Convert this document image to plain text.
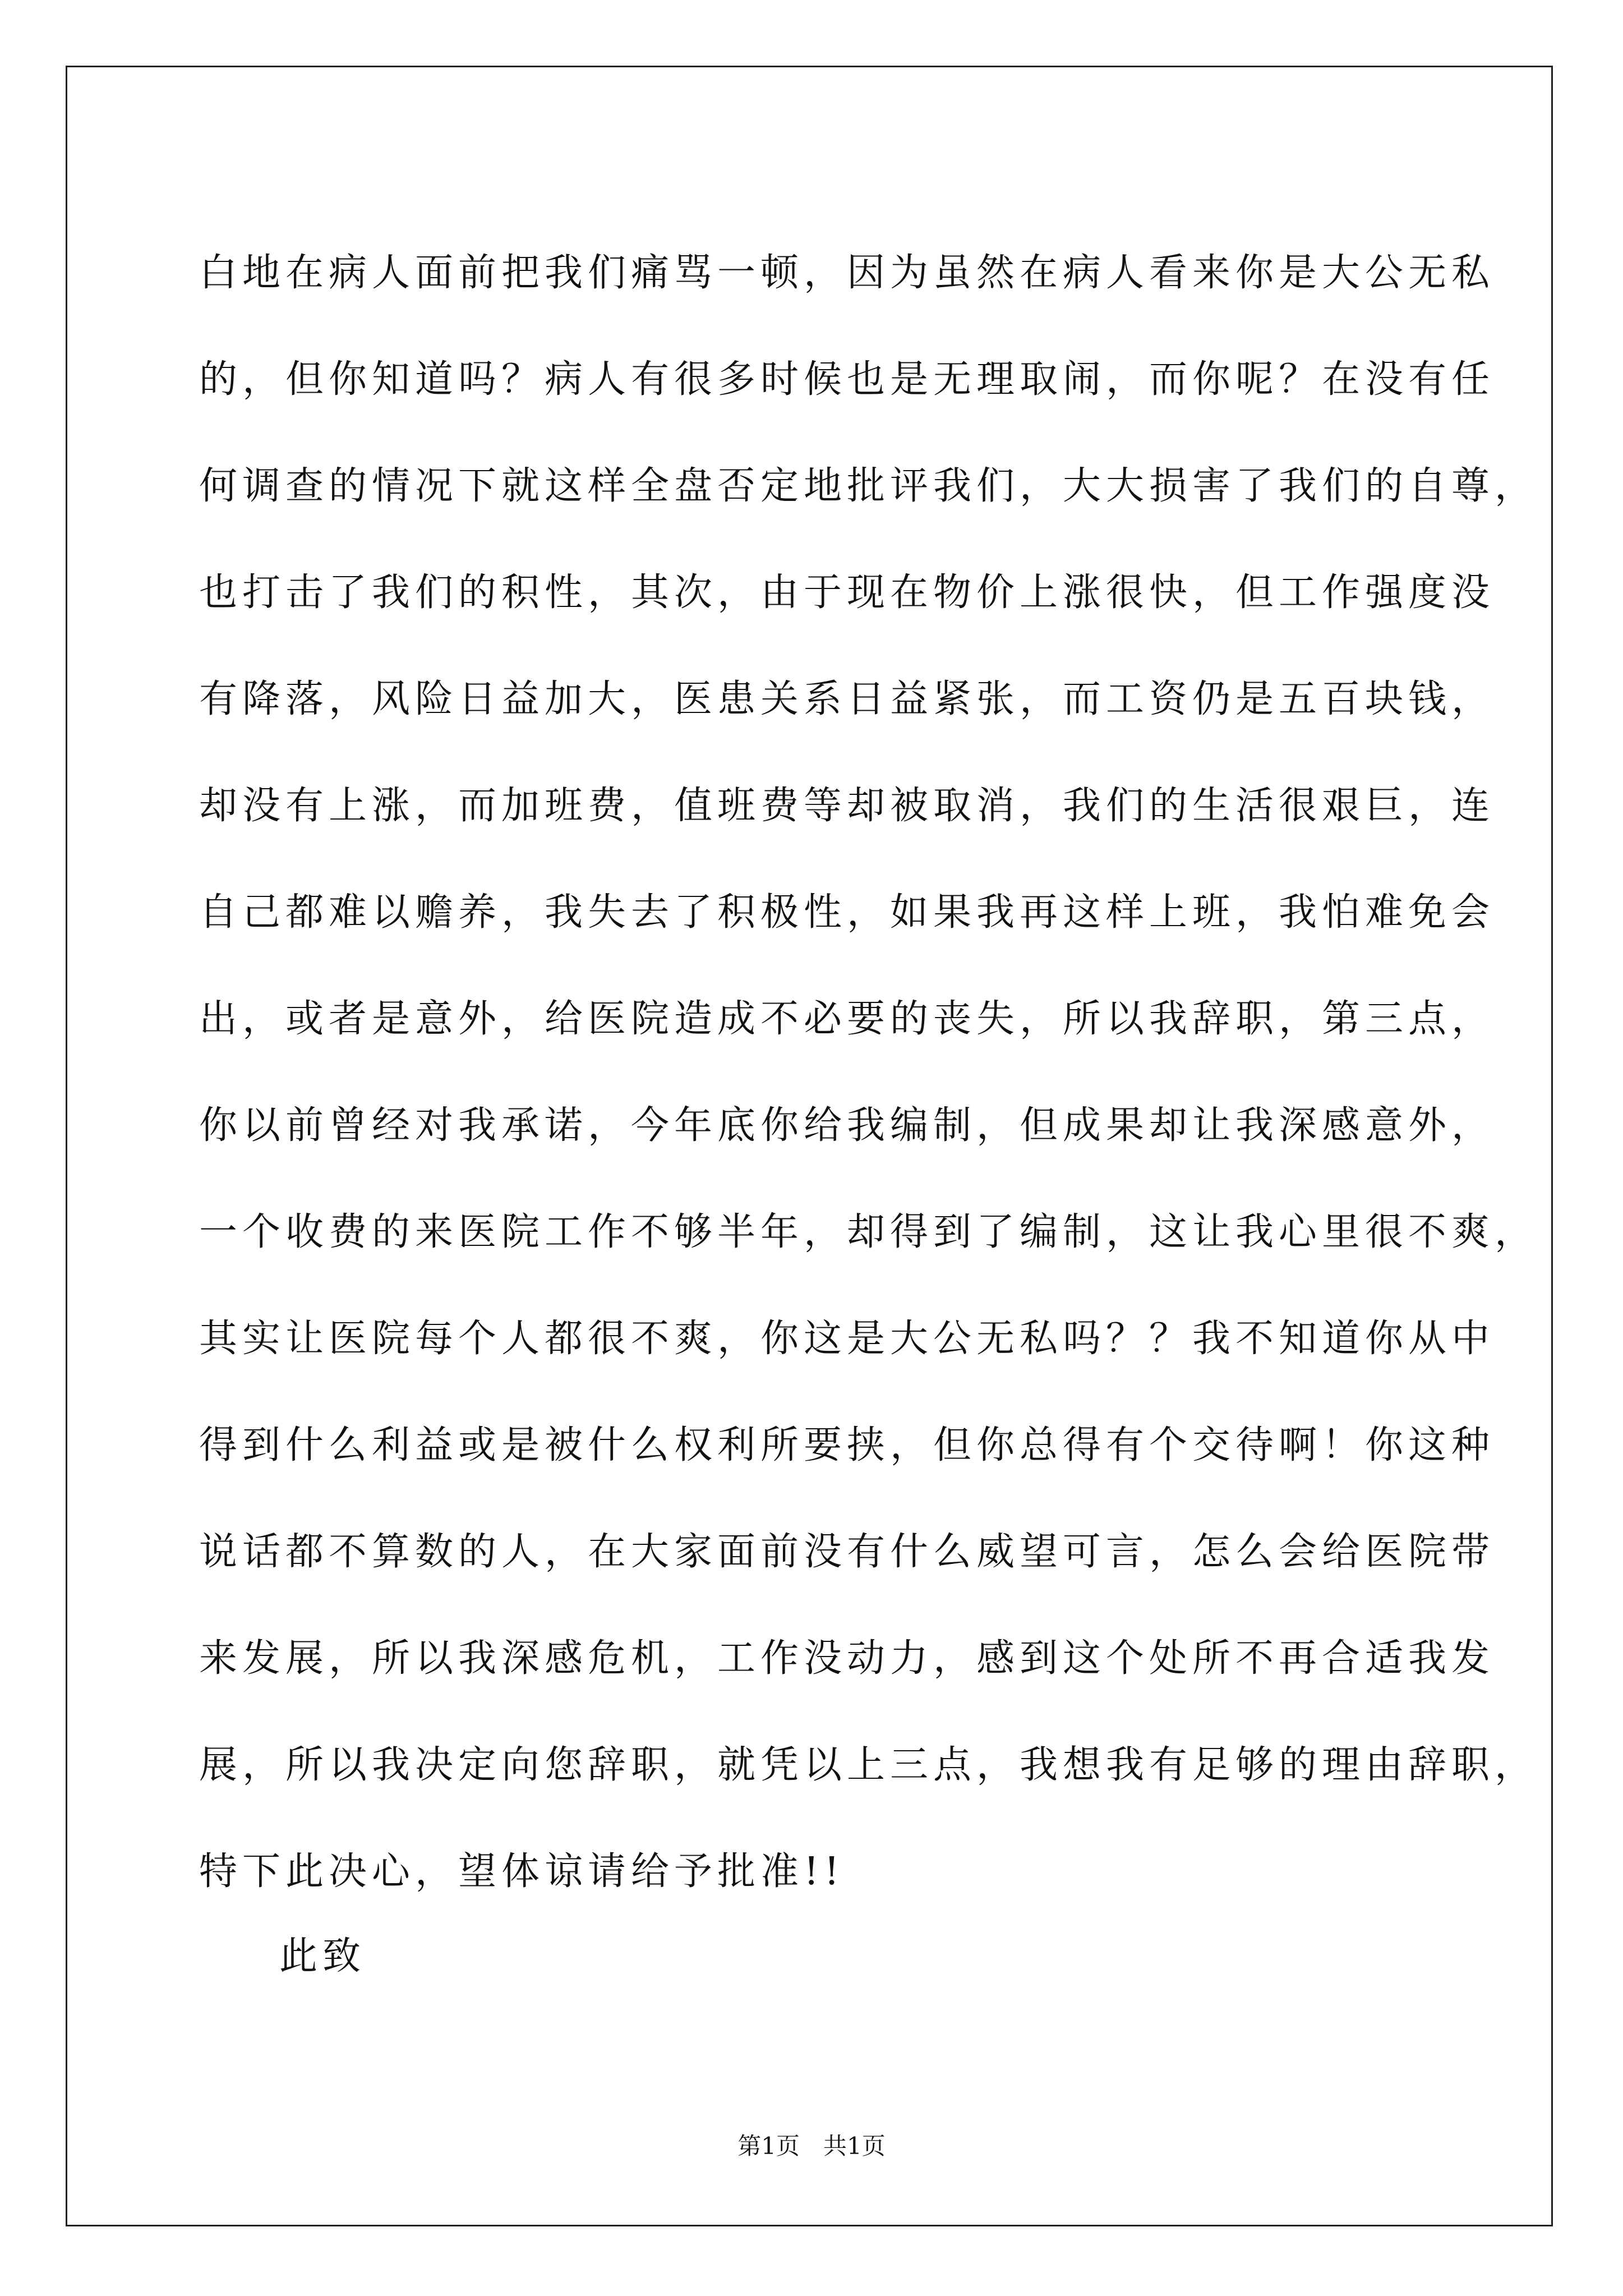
白地在病人面前把我们痛骂一顿，因为虽然在病人看来你是大公无私
的，但你知道吗？病人有很多时候也是无理取闹，而你呢？在没有任
何调查的情况下就这样全盘否定地批评我们，大大损害了我们的自尊，
也打击了我们的积性，其次，由于现在物价上涨很快，但工作强度没
有降落，风险日益加大，医患关系日益紧张，而工资仍是五百块钱，
却没有上涨，而加班费，值班费等却被取消，我们的生活很艰巨，连
自己都难以赡养，我失去了积极性，如果我再这样上班，我怕难免会
出，或者是意外，给医院造成不必要的丧失，所以我辞职，第三点，
你以前曾经对我承诺，今年底你给我编制，但成果却让我深感意外，
一个收费的来医院工作不够半年，却得到了编制，这让我心里很不爽，
其实让医院每个人都很不爽，你这是大公无私吗？？我不知道你从中
得到什么利益或是被什么权利所要挟，但你总得有个交待啊！你这种
说话都不算数的人，在大家面前没有什么威望可言，怎么会给医院带
来发展，所以我深感危机，工作没动力，感到这个处所不再合适我发
展，所以我决定向您辞职，就凭以上三点，我想我有足够的理由辞职，
特下此决心，望体谅请给予批准!!
此致
第1页　共1页
